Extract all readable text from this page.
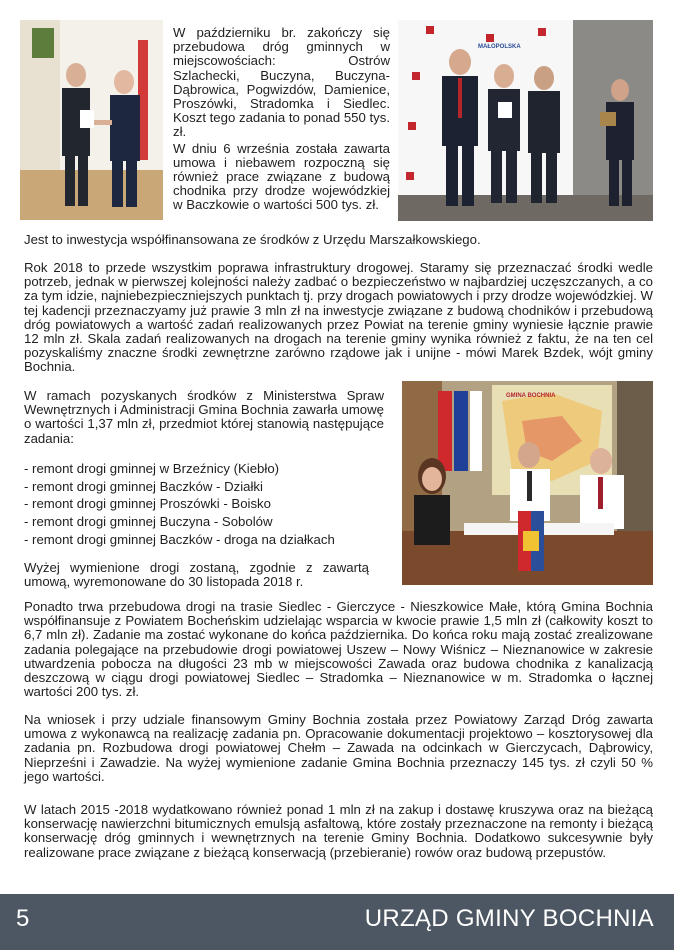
W październiku br. zakończy się przebudowa dróg gminnych w miejscowościach: Ostrów Szlachecki, Buczyna, Buczyna-Dąbrowica, Pogwizdów, Damienice, Proszówki, Stradomka i Siedlec. Koszt tego zadania to ponad 550 tys. zł.

W dniu 6 września została zawarta umowa i niebawem rozpoczną się również prace związane z budową chodnika przy drodze wojewódzkiej w Baczkowie o wartości 500 tys. zł.

MAŁOPOLSKA

Jest to inwestycja współfinansowana ze środków z Urzędu Marszałkowskiego.

Rok 2018 to przede wszystkim poprawa infrastruktury drogowej. Staramy się przeznaczać środki wedle potrzeb, jednak w pierwszej kolejności należy zadbać o bezpieczeństwo w najbardziej uczęszczanych, a co za tym idzie, najniebezpieczniejszych punktach tj. przy drogach powiatowych i przy drodze wojewódzkiej. W tej kadencji przeznaczyamy już prawie 3 mln zł na inwestycje związane z budową chodników i przebudową dróg powiatowych a wartość zadań realizowanych przez Powiat na terenie gminy wyniesie łącznie prawie 12 mln zł. Skala zadań realizowanych na drogach na terenie gminy wynika również z faktu, że na ten cel pozyskaliśmy znaczne środki zewnętrzne zarówno rządowe jak i unijne - mówi Marek Bzdek, wójt gminy Bochnia.

W ramach pozyskanych środków z Ministerstwa Spraw Wewnętrznych i Administracji Gmina Bochnia zawarła umowę o wartości 1,37 mln zł, przedmiot której stanowią następujące zadania:

- remont drogi gminnej w Brzeźnicy (Kiebło)
- remont drogi gminnej Baczków - Działki
- remont drogi gminnej Proszówki - Boisko
- remont drogi gminnej Buczyna - Sobolów
- remont drogi gminnej Baczków - droga na działkach

Wyżej wymienione drogi zostaną, zgodnie z zawartą umową, wyremonowane do 30 listopada 2018 r.

GMINA BOCHNIA

Ponadto trwa przebudowa drogi na trasie Siedlec - Gierczyce - Nieszkowice Małe, którą Gmina Bochnia współfinansuje z Powiatem Bocheńskim udzielając wsparcia w kwocie prawie 1,5 mln zł (całkowity koszt to 6,7 mln zł). Zadanie ma zostać wykonane do końca października. Do końca roku mają zostać zrealizowane zadania polegające na przebudowie drogi powiatowej Uszew – Nowy Wiśnicz – Nieznanowice w zakresie utwardzenia pobocza na długości 23 mb w miejscowości Zawada oraz budowa chodnika z kanalizacją deszczową w ciągu drogi powiatowej Siedlec – Stradomka – Nieznanowice w m. Stradomka o łącznej wartości 200 tys. zł.

Na wniosek i przy udziale finansowym Gminy Bochnia została przez Powiatowy Zarząd Dróg zawarta umowa z wykonawcą na realizację zadania pn. Opracowanie dokumentacji projektowo – kosztorysowej dla zadania pn. Rozbudowa drogi powiatowej Chełm – Zawada na odcinkach w Gierczycach, Dąbrowicy, Nieprześni i Zawadzie. Na wyżej wymienione zadanie Gmina Bochnia przeznaczy 145 tys. zł czyli 50 % jego wartości.

W latach 2015 -2018 wydatkowano również ponad 1 mln zł na zakup i dostawę kruszywa oraz na bieżącą konserwację nawierzchni bitumicznych emulsją asfaltową, które zostały przeznaczone na remonty i bieżącą konserwację dróg gminnych i wewnętrznych na terenie Gminy Bochnia. Dodatkowo sukcesywnie były realizowane prace związane z bieżącą konserwacją (przebieranie) rowów oraz budową przepustów.

5	URZĄD GMINY BOCHNIA
